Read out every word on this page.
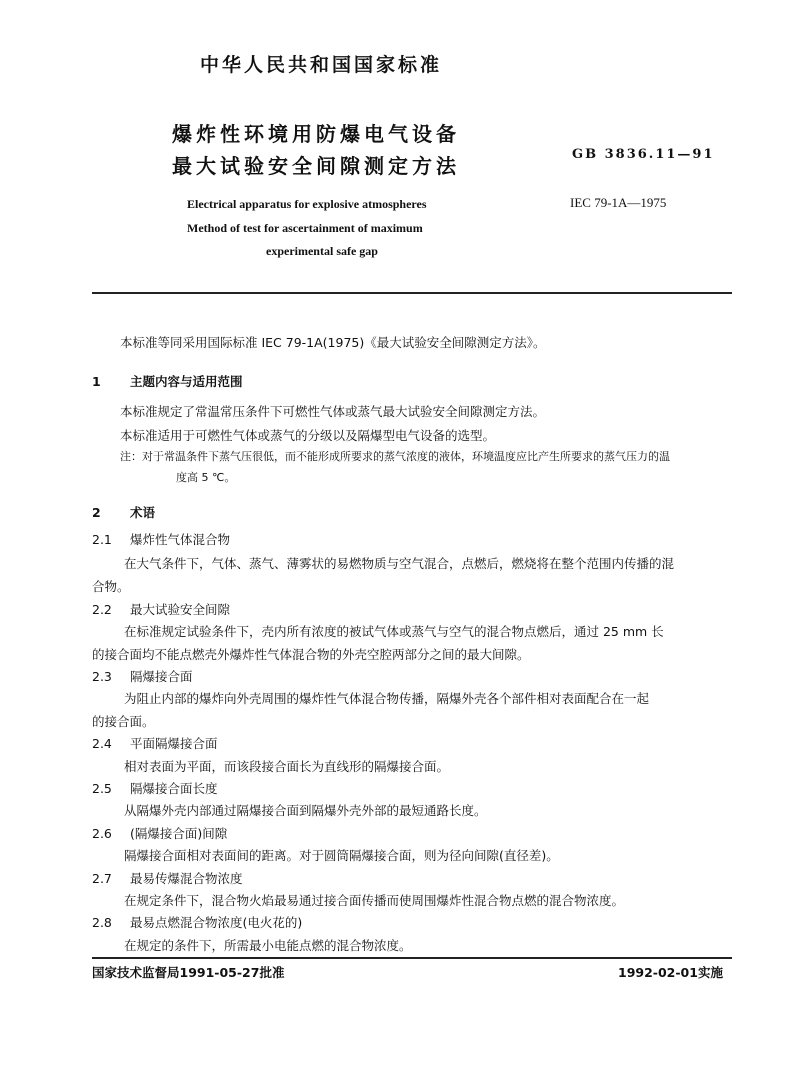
中华人民共和国国家标准
爆炸性环境用防爆电气设备
最大试验安全间隙测定方法	GB 3836.11—91
IEC 79-1A—1975
Electrical apparatus for explosive atmospheres
Method of test for ascertainment of maximum
experimental safe gap
本标准等同采用国际标准 IEC 79-1A(1975)《最大试验安全间隙测定方法》。
1 主题内容与适用范围
本标准规定了常温常压条件下可燃性气体或蒸气最大试验安全间隙测定方法。
本标准适用于可燃性气体或蒸气的分级以及隔爆型电气设备的选型。
注：对于常温条件下蒸气压很低，而不能形成所要求的蒸气浓度的液体，环境温度应比产生所要求的蒸气压力的温
度高 5 ℃。
2 术语
2.1 爆炸性气体混合物
在大气条件下，气体、蒸气、薄雾状的易燃物质与空气混合，点燃后，燃烧将在整个范围内传播的混
合物。
2.2 最大试验安全间隙
在标准规定试验条件下，壳内所有浓度的被试气体或蒸气与空气的混合物点燃后，通过 25 mm 长
的接合面均不能点燃壳外爆炸性气体混合物的外壳空腔两部分之间的最大间隙。
2.3 隔爆接合面
为阻止内部的爆炸向外壳周围的爆炸性气体混合物传播，隔爆外壳各个部件相对表面配合在一起
的接合面。
2.4 平面隔爆接合面
相对表面为平面，而该段接合面长为直线形的隔爆接合面。
2.5 隔爆接合面长度
从隔爆外壳内部通过隔爆接合面到隔爆外壳外部的最短通路长度。
2.6 (隔爆接合面)间隙
隔爆接合面相对表面间的距离。对于圆筒隔爆接合面，则为径向间隙(直径差)。
2.7 最易传爆混合物浓度
在规定条件下，混合物火焰最易通过接合面传播而使周围爆炸性混合物点燃的混合物浓度。
2.8 最易点燃混合物浓度(电火花的)
在规定的条件下，所需最小电能点燃的混合物浓度。
国家技术监督局1991-05-27批准	1992-02-01实施
